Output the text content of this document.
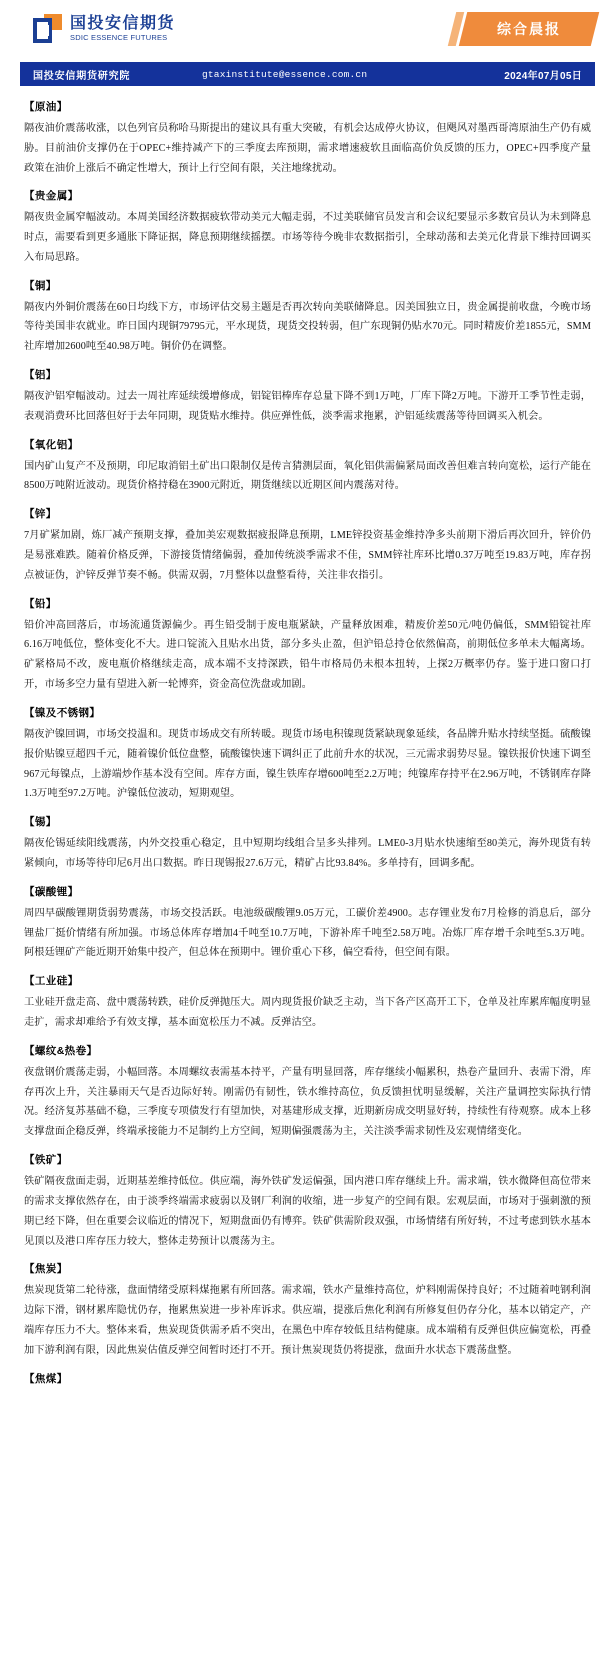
国投安信期货
SDIC ESSENCE FUTURES
综合晨报
国投安信期货研究院	gtaxinstitute@essence.com.cn	2024年07月05日
【原油】

隔夜油价震荡收涨，以色列官员称哈马斯提出的建议具有重大突破，有机会达成停火协议，但飓风对墨西哥湾原油生产仍有威胁。目前油价支撑仍在于OPEC+维持减产下的三季度去库预期，需求增速疲软且面临高价负反馈的压力，OPEC+四季度产量政策在油价上涨后不确定性增大，预计上行空间有限，关注地缘扰动。

【贵金属】

隔夜贵金属窄幅波动。本周美国经济数据疲软带动美元大幅走弱，不过美联储官员发言和会议纪要显示多数官员认为未到降息时点，需要看到更多通胀下降证据，降息预期继续摇摆。市场等待今晚非农数据指引，全球动荡和去美元化背景下维持回调买入布局思路。

【铜】

隔夜内外铜价震荡在60日均线下方，市场评估交易主题是否再次转向美联储降息。因美国独立日，贵金属提前收盘，今晚市场等待美国非农就业。昨日国内现铜79795元，平水现货，现货交投转弱，但广东现铜仍贴水70元。同时精废价差1855元，SMM社库增加2600吨至40.98万吨。铜价仍在调整。

【铝】

隔夜沪铝窄幅波动。过去一周社库延续缓增修成，铝锭铝棒库存总量下降不到1万吨，厂库下降2万吨。下游开工季节性走弱，表观消费环比回落但好于去年同期，现货贴水维持。供应弹性低，淡季需求拖累，沪铝延续震荡等待回调买入机会。

【氧化铝】

国内矿山复产不及预期，印尼取消铝土矿出口限制仅是传言猜测层面，氧化铝供需偏紧局面改善但难言转向宽松，运行产能在8500万吨附近波动。现货价格持稳在3900元附近，期货继续以近期区间内震荡对待。

【锌】

7月矿紧加剧，炼厂减产预期支撑，叠加美宏观数据疲报降息预期，LME锌投资基金维持净多头前期下滑后再次回升，锌价仍是易涨难跌。随着价格反弹，下游接货情绪偏弱，叠加传统淡季需求不佳，SMM锌社库环比增0.37万吨至19.83万吨，库存拐点被证伪，沪锌反弹节奏不畅。供需双弱，7月整体以盘整看待，关注非农指引。

【铅】

铅价冲高回落后，市场流通货源偏少。再生铅受制于废电瓶紧缺，产量释放困难，精废价差50元/吨仍偏低，SMM铅锭社库6.16万吨低位，整体变化不大。进口锭流入且贴水出货，部分多头止盈，但沪铅总持仓依然偏高，前期低位多单未大幅离场。矿紧格局不改，废电瓶价格继续走高，成本端不支持深跌，铅牛市格局仍未根本扭转，上探2万概率仍存。鉴于进口窗口打开，市场多空力量有望进入新一轮博弈，资金高位洗盘或加剧。

【镍及不锈钢】

隔夜沪镍回调，市场交投温和。现货市场成交有所转暖。现货市场电积镍现货紧缺现象延续，各品牌升贴水持续坚挺。硫酸镍报价贴镍豆超四千元，随着镍价低位盘整，硫酸镍快速下调纠正了此前升水的状况，三元需求弱势尽显。镍铁报价快速下调至967元每镍点，上游端炒作基本没有空间。库存方面，镍生铁库存增600吨至2.2万吨；纯镍库存持平在2.96万吨，不锈钢库存降1.3万吨至97.2万吨。沪镍低位波动，短期观望。

【锡】

隔夜伦锡延续阳线震荡，内外交投重心稳定，且中短期均线组合呈多头排列。LME0-3月贴水快速缩至80美元，海外现货有转紧倾向，市场等待印尼6月出口数据。昨日现锡报27.6万元，精矿占比93.84%。多单持有，回调多配。

【碳酸锂】

周四早碳酸锂期货弱势震荡，市场交投活跃。电池级碳酸锂9.05万元，工碳价差4900。志存锂业发布7月检修的消息后，部分锂盐厂挺价情绪有所加强。市场总体库存增加4千吨至10.7万吨，下游补库千吨至2.58万吨。冶炼厂库存增千余吨至5.3万吨。阿根廷锂矿产能近期开始集中投产，但总体在预期中。锂价重心下移，偏空看待，但空间有限。

【工业硅】

工业硅开盘走高、盘中震荡转跌，硅价反弹抛压大。周内现货报价缺乏主动，当下各产区高开工下，仓单及社库累库幅度明显走扩，需求却难给予有效支撑，基本面宽松压力不减。反弹沽空。

【螺纹&热卷】

夜盘钢价震荡走弱，小幅回落。本周螺纹表需基本持平，产量有明显回落，库存继续小幅累积，热卷产量回升、表需下滑，库存再次上升，关注暴雨天气是否边际好转。刚需仍有韧性，铁水维持高位，负反馈担忧明显缓解，关注产量调控实际执行情况。经济复苏基础不稳，三季度专项债发行有望加快，对基建形成支撑，近期新房成交明显好转，持续性有待观察。成本上移支撑盘面企稳反弹，终端承接能力不足制约上方空间，短期偏强震荡为主，关注淡季需求韧性及宏观情绪变化。

【铁矿】

铁矿隔夜盘面走弱，近期基差维持低位。供应端，海外铁矿发运偏强，国内港口库存继续上升。需求端，铁水微降但高位带来的需求支撑依然存在，由于淡季终端需求疲弱以及钢厂利润的收缩，进一步复产的空间有限。宏观层面，市场对于强刺激的预期已经下降，但在重要会议临近的情况下，短期盘面仍有博弈。铁矿供需阶段双强，市场情绪有所好转，不过考虑到铁水基本见顶以及港口库存压力较大，整体走势预计以震荡为主。

【焦炭】

焦炭现货第二轮待涨，盘面情绪受原料煤拖累有所回落。需求端，铁水产量维持高位，炉料刚需保持良好；不过随着吨钢利润边际下滑，钢材累库隐忧仍存，拖累焦炭进一步补库诉求。供应端，提涨后焦化利润有所修复但仍存分化，基本以销定产，产端库存压力不大。整体来看，焦炭现货供需矛盾不突出，在黑色中库存较低且结构健康。成本端稍有反弹但供应偏宽松，再叠加下游利润有限，因此焦炭估值反弹空间暂时还打不开。预计焦炭现货仍将提涨，盘面升水状态下震荡盘整。

【焦煤】
